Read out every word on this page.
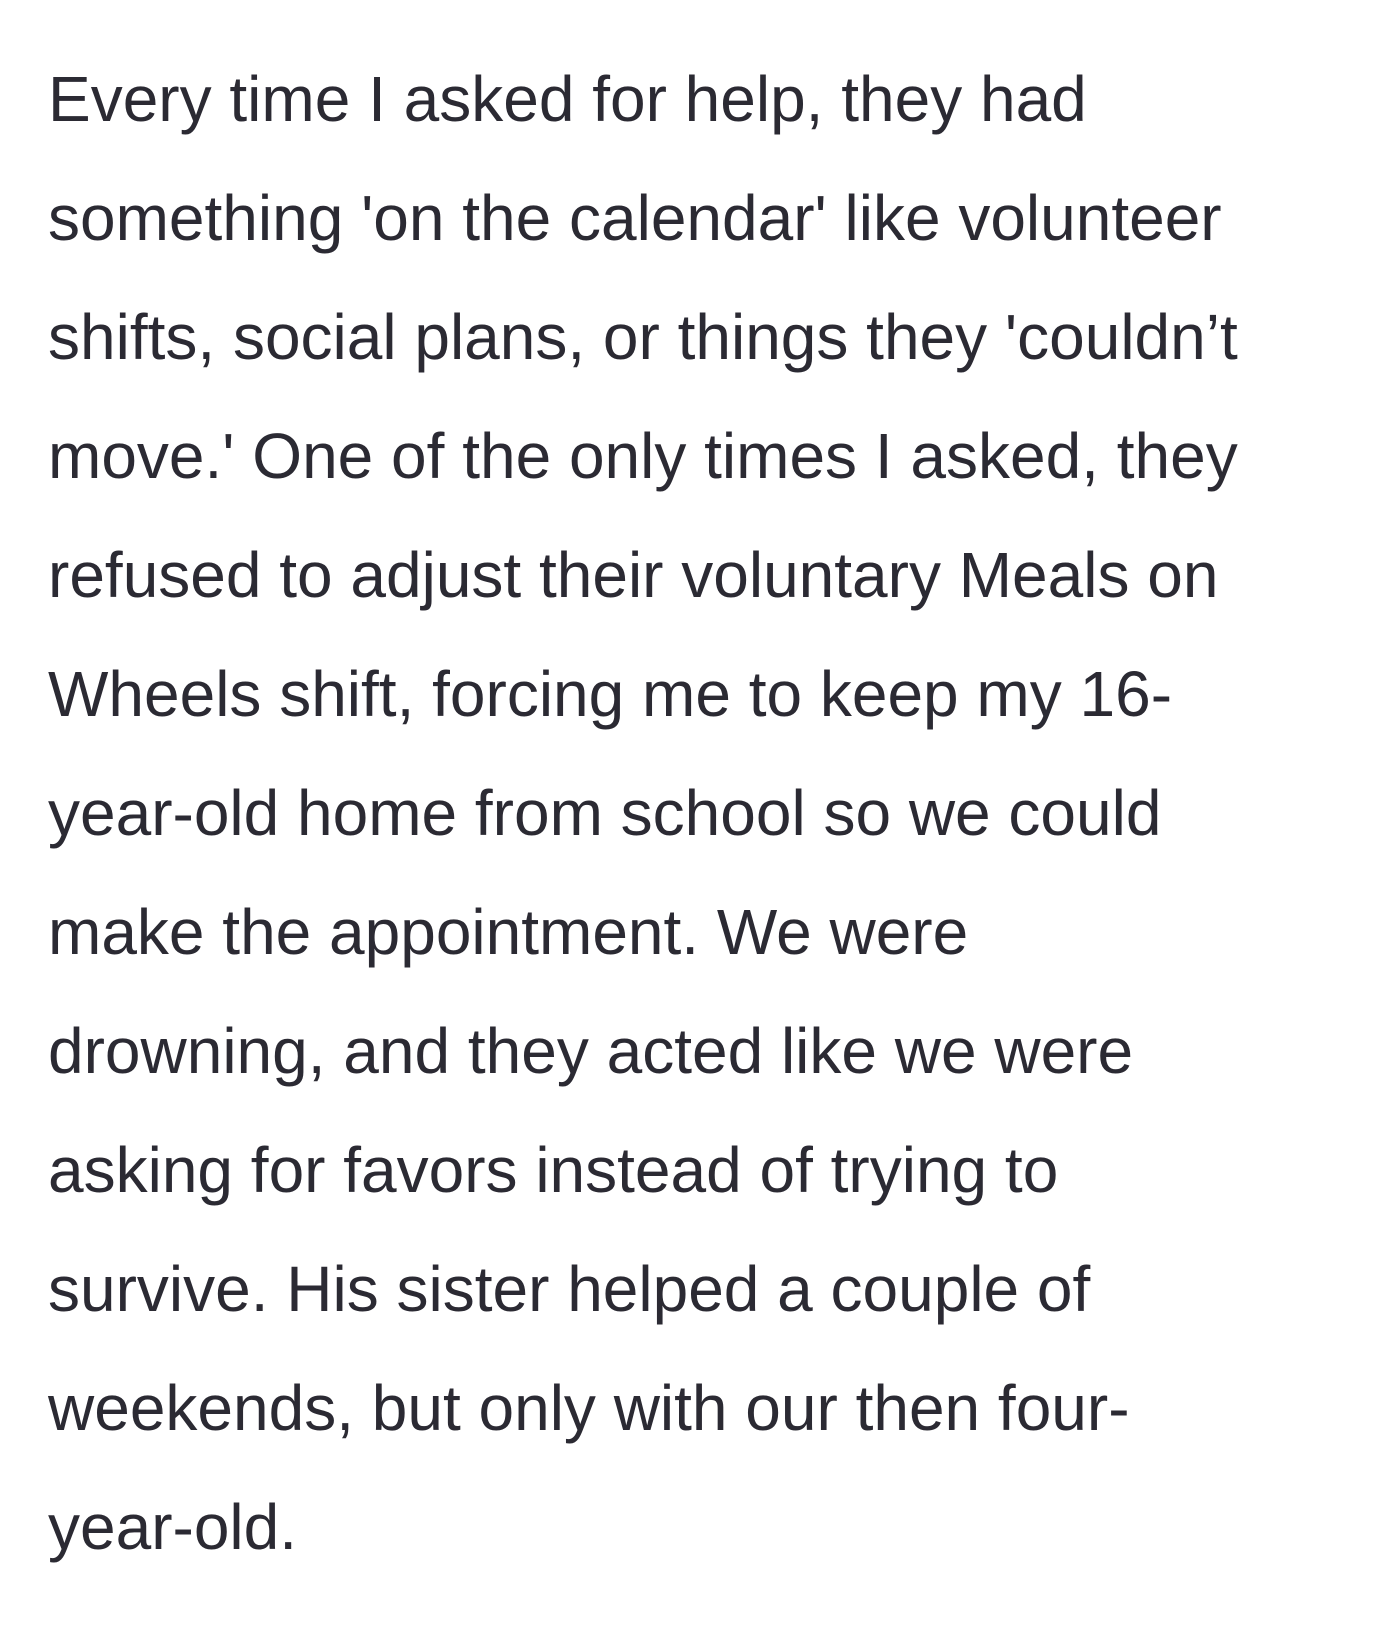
Every time I asked for help, they had
something 'on the calendar' like volunteer
shifts, social plans, or things they 'couldn’t
move.' One of the only times I asked, they
refused to adjust their voluntary Meals on
Wheels shift, forcing me to keep my 16-
year-old home from school so we could
make the appointment. We were
drowning, and they acted like we were
asking for favors instead of trying to
survive. His sister helped a couple of
weekends, but only with our then four-
year-old.
